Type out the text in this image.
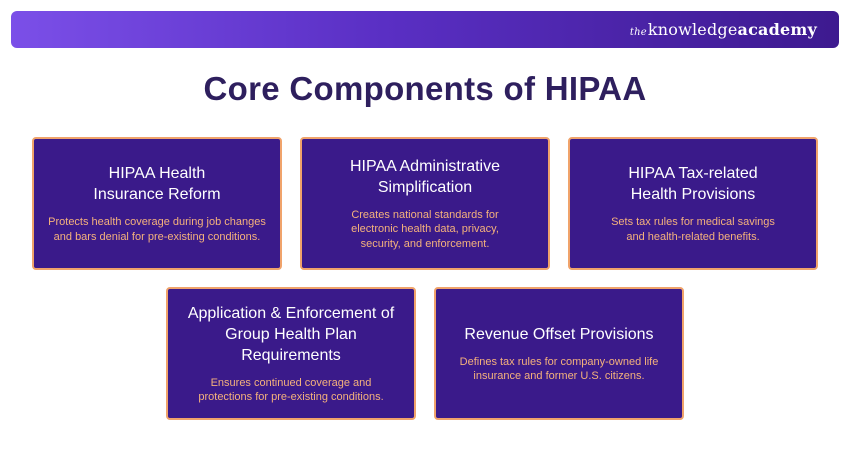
theknowledgeacademy
Core Components of HIPAA
HIPAA Health Insurance Reform
Protects health coverage during job changes and bars denial for pre-existing conditions.
HIPAA Administrative Simplification
Creates national standards for electronic health data, privacy, security, and enforcement.
HIPAA Tax-related Health Provisions
Sets tax rules for medical savings and health-related benefits.
Application & Enforcement of Group Health Plan Requirements
Ensures continued coverage and protections for pre-existing conditions.
Revenue Offset Provisions
Defines tax rules for company-owned life insurance and former U.S. citizens.
